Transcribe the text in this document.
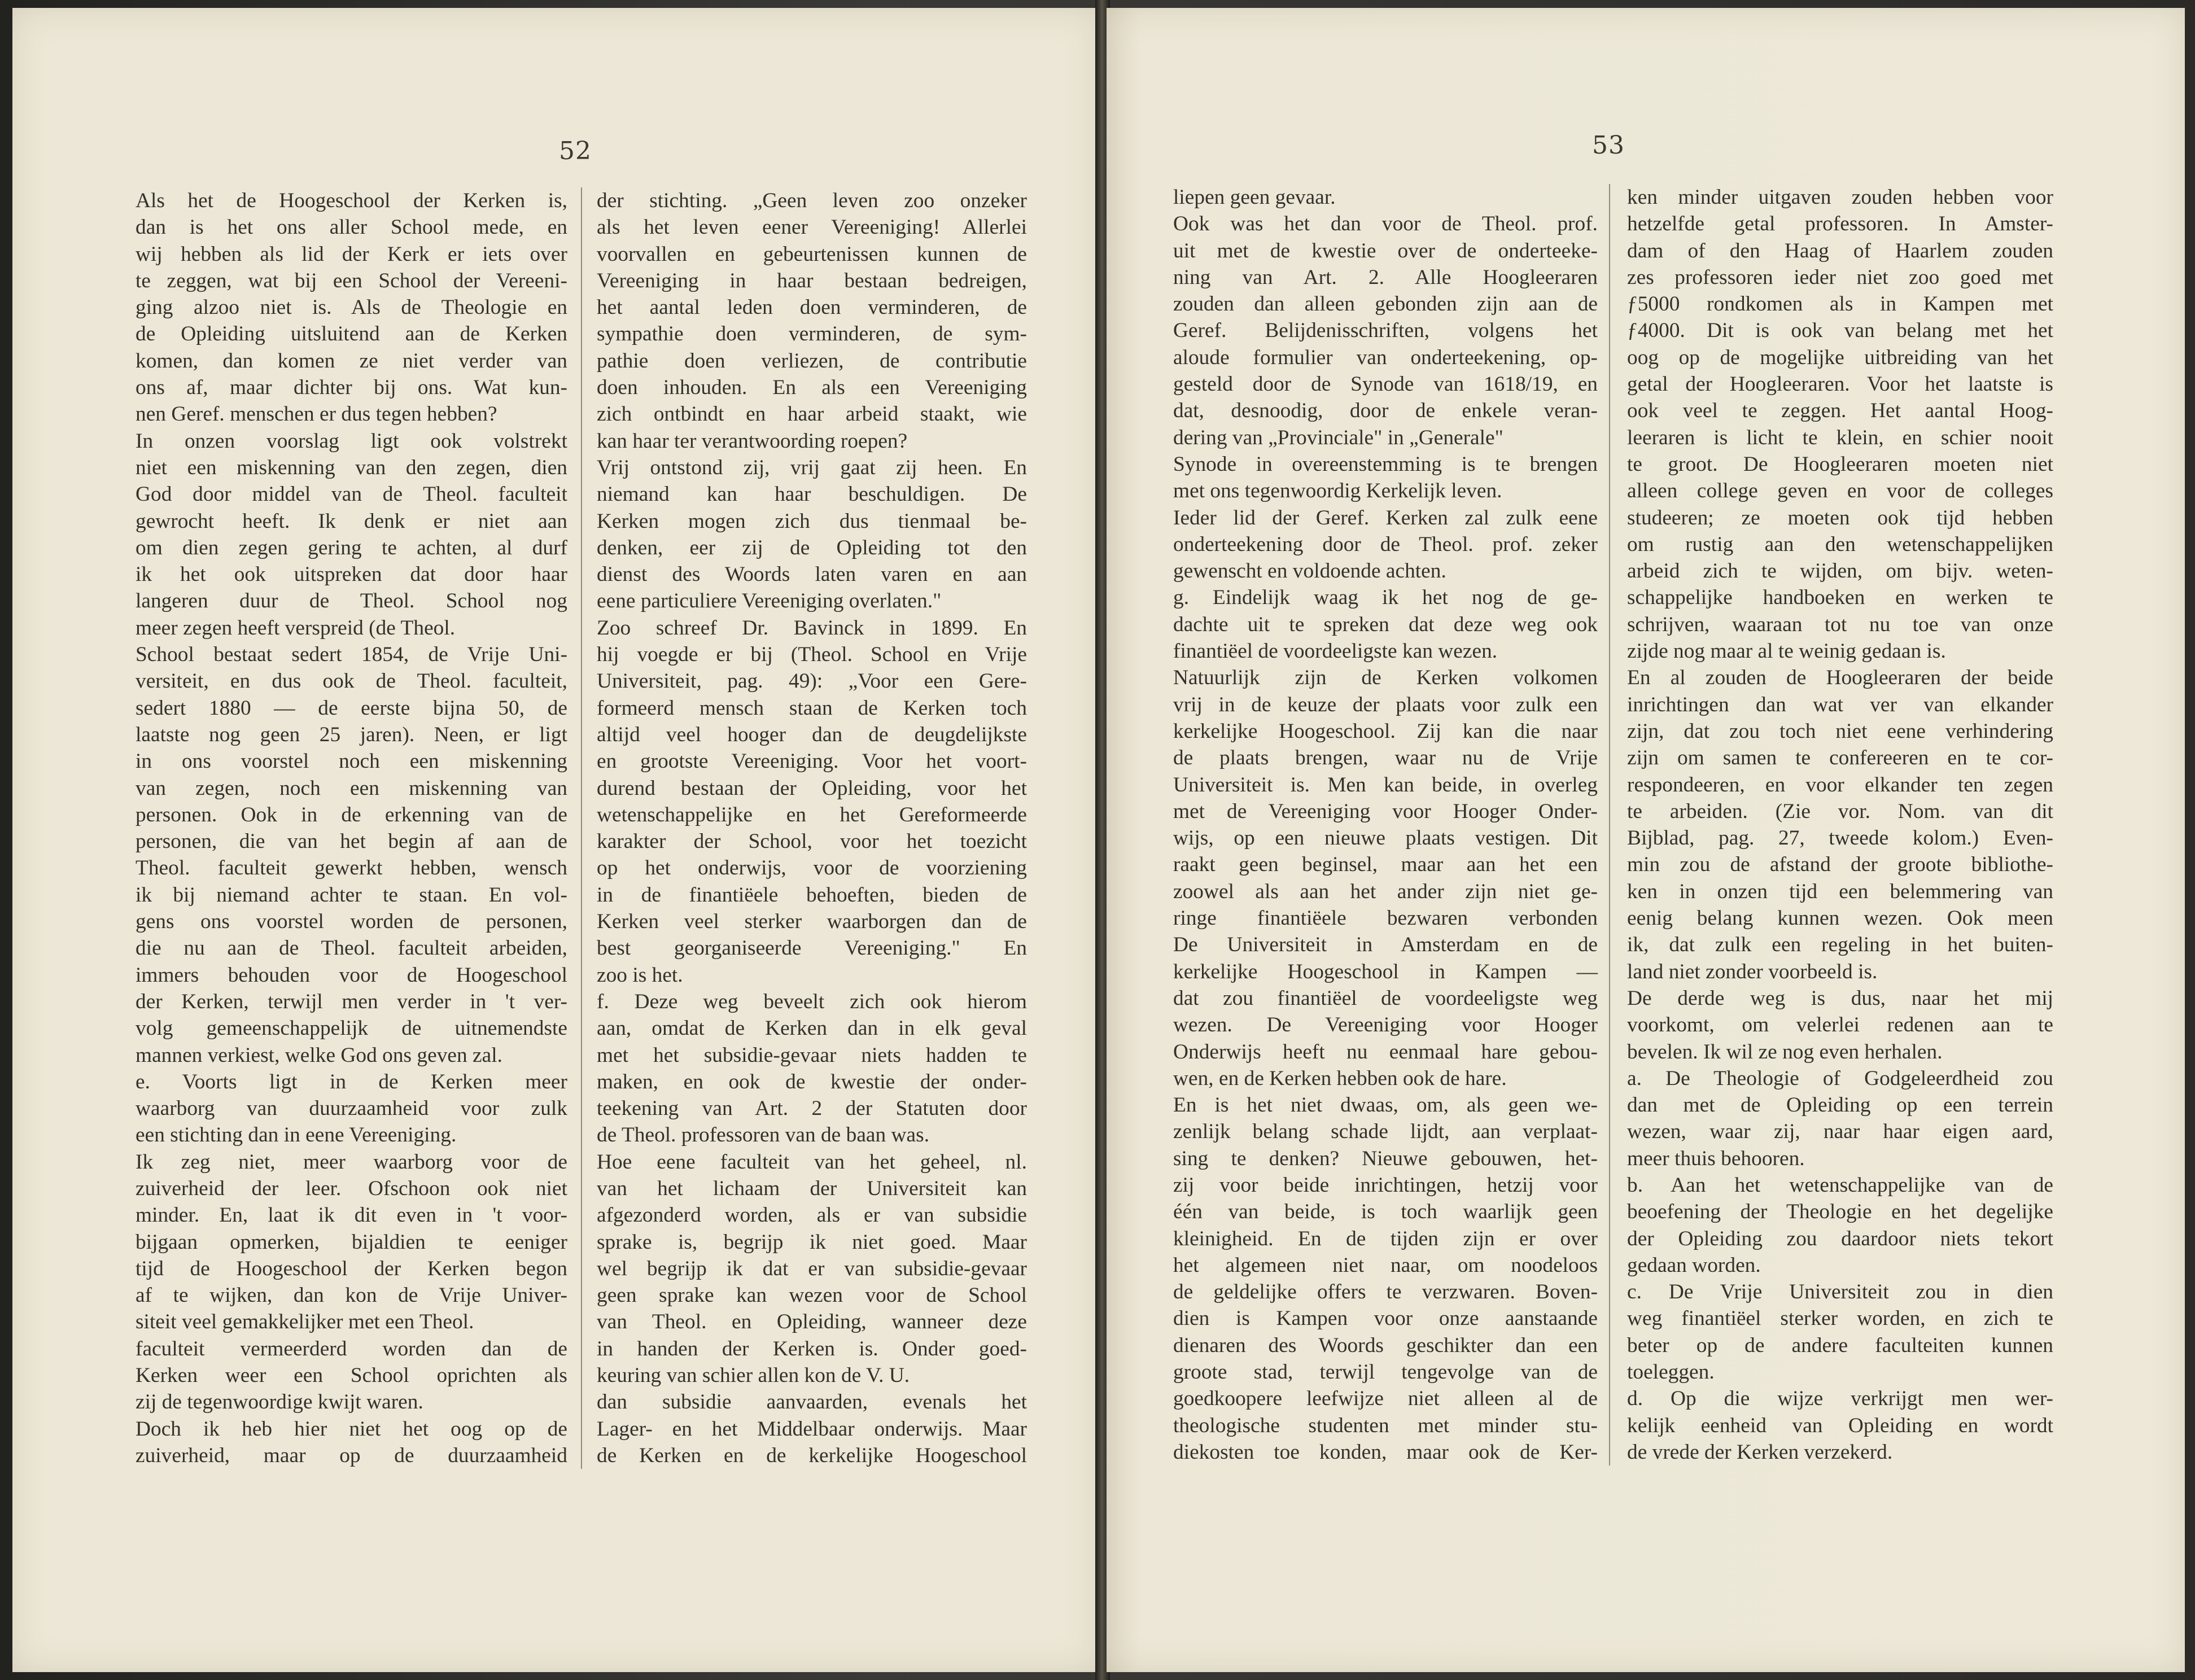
52
Als het de Hoogeschool der Kerken is,
dan is het ons aller School mede, en
wij hebben als lid der Kerk er iets over
te zeggen, wat bij een School der Vereeni-
ging alzoo niet is. Als de Theologie en
de Opleiding uitsluitend aan de Kerken
komen, dan komen ze niet verder van
ons af, maar dichter bij ons. Wat kun-
nen Geref. menschen er dus tegen hebben?
In onzen voorslag ligt ook volstrekt
niet een miskenning van den zegen, dien
God door middel van de Theol. faculteit
gewrocht heeft. Ik denk er niet aan
om dien zegen gering te achten, al durf
ik het ook uitspreken dat door haar
langeren duur de Theol. School nog
meer zegen heeft verspreid (de Theol.
School bestaat sedert 1854, de Vrije Uni-
versiteit, en dus ook de Theol. faculteit,
sedert 1880 — de eerste bijna 50, de
laatste nog geen 25 jaren). Neen, er ligt
in ons voorstel noch een miskenning
van zegen, noch een miskenning van
personen. Ook in de erkenning van de
personen, die van het begin af aan de
Theol. faculteit gewerkt hebben, wensch
ik bij niemand achter te staan. En vol-
gens ons voorstel worden de personen,
die nu aan de Theol. faculteit arbeiden,
immers behouden voor de Hoogeschool
der Kerken, terwijl men verder in 't ver-
volg gemeenschappelijk de uitnemendste
mannen verkiest, welke God ons geven zal.
e. Voorts ligt in de Kerken meer
waarborg van duurzaamheid voor zulk
een stichting dan in eene Vereeniging.
Ik zeg niet, meer waarborg voor de
zuiverheid der leer. Ofschoon ook niet
minder. En, laat ik dit even in 't voor-
bijgaan opmerken, bijaldien te eeniger
tijd de Hoogeschool der Kerken begon
af te wijken, dan kon de Vrije Univer-
siteit veel gemakkelijker met een Theol.
faculteit vermeerderd worden dan de
Kerken weer een School oprichten als
zij de tegenwoordige kwijt waren.
Doch ik heb hier niet het oog op de
zuiverheid, maar op de duurzaamheid
der stichting. „Geen leven zoo onzeker
als het leven eener Vereeniging! Allerlei
voorvallen en gebeurtenissen kunnen de
Vereeniging in haar bestaan bedreigen,
het aantal leden doen verminderen, de
sympathie doen verminderen, de sym-
pathie doen verliezen, de contributie
doen inhouden. En als een Vereeniging
zich ontbindt en haar arbeid staakt, wie
kan haar ter verantwoording roepen?
Vrij ontstond zij, vrij gaat zij heen. En
niemand kan haar beschuldigen. De
Kerken mogen zich dus tienmaal be-
denken, eer zij de Opleiding tot den
dienst des Woords laten varen en aan
eene particuliere Vereeniging overlaten."
Zoo schreef Dr. Bavinck in 1899. En
hij voegde er bij (Theol. School en Vrije
Universiteit, pag. 49): „Voor een Gere-
formeerd mensch staan de Kerken toch
altijd veel hooger dan de deugdelijkste
en grootste Vereeniging. Voor het voort-
durend bestaan der Opleiding, voor het
wetenschappelijke en het Gereformeerde
karakter der School, voor het toezicht
op het onderwijs, voor de voorziening
in de finantiëele behoeften, bieden de
Kerken veel sterker waarborgen dan de
best georganiseerde Vereeniging." En
zoo is het.
f. Deze weg beveelt zich ook hierom
aan, omdat de Kerken dan in elk geval
met het subsidie-gevaar niets hadden te
maken, en ook de kwestie der onder-
teekening van Art. 2 der Statuten door
de Theol. professoren van de baan was.
Hoe eene faculteit van het geheel, nl.
van het lichaam der Universiteit kan
afgezonderd worden, als er van subsidie
sprake is, begrijp ik niet goed. Maar
wel begrijp ik dat er van subsidie-gevaar
geen sprake kan wezen voor de School
van Theol. en Opleiding, wanneer deze
in handen der Kerken is. Onder goed-
keuring van schier allen kon de V. U.
dan subsidie aanvaarden, evenals het
Lager- en het Middelbaar onderwijs. Maar
de Kerken en de kerkelijke Hoogeschool
53
liepen geen gevaar.
Ook was het dan voor de Theol. prof.
uit met de kwestie over de onderteeke-
ning van Art. 2. Alle Hoogleeraren
zouden dan alleen gebonden zijn aan de
Geref. Belijdenisschriften, volgens het
aloude formulier van onderteekening, op-
gesteld door de Synode van 1618/19, en
dat, desnoodig, door de enkele veran-
dering van „Provinciale" in „Generale"
Synode in overeenstemming is te brengen
met ons tegenwoordig Kerkelijk leven.
Ieder lid der Geref. Kerken zal zulk eene
onderteekening door de Theol. prof. zeker
gewenscht en voldoende achten.
g. Eindelijk waag ik het nog de ge-
dachte uit te spreken dat deze weg ook
finantiëel de voordeeligste kan wezen.
Natuurlijk zijn de Kerken volkomen
vrij in de keuze der plaats voor zulk een
kerkelijke Hoogeschool. Zij kan die naar
de plaats brengen, waar nu de Vrije
Universiteit is. Men kan beide, in overleg
met de Vereeniging voor Hooger Onder-
wijs, op een nieuwe plaats vestigen. Dit
raakt geen beginsel, maar aan het een
zoowel als aan het ander zijn niet ge-
ringe finantiëele bezwaren verbonden
De Universiteit in Amsterdam en de
kerkelijke Hoogeschool in Kampen —
dat zou finantiëel de voordeeligste weg
wezen. De Vereeniging voor Hooger
Onderwijs heeft nu eenmaal hare gebou-
wen, en de Kerken hebben ook de hare.
En is het niet dwaas, om, als geen we-
zenlijk belang schade lijdt, aan verplaat-
sing te denken? Nieuwe gebouwen, het-
zij voor beide inrichtingen, hetzij voor
één van beide, is toch waarlijk geen
kleinigheid. En de tijden zijn er over
het algemeen niet naar, om noodeloos
de geldelijke offers te verzwaren. Boven-
dien is Kampen voor onze aanstaande
dienaren des Woords geschikter dan een
groote stad, terwijl tengevolge van de
goedkoopere leefwijze niet alleen al de
theologische studenten met minder stu-
diekosten toe konden, maar ook de Ker-
ken minder uitgaven zouden hebben voor
hetzelfde getal professoren. In Amster-
dam of den Haag of Haarlem zouden
zes professoren ieder niet zoo goed met
ƒ5000 rondkomen als in Kampen met
ƒ4000. Dit is ook van belang met het
oog op de mogelijke uitbreiding van het
getal der Hoogleeraren. Voor het laatste is
ook veel te zeggen. Het aantal Hoog-
leeraren is licht te klein, en schier nooit
te groot. De Hoogleeraren moeten niet
alleen college geven en voor de colleges
studeeren; ze moeten ook tijd hebben
om rustig aan den wetenschappelijken
arbeid zich te wijden, om bijv. weten-
schappelijke handboeken en werken te
schrijven, waaraan tot nu toe van onze
zijde nog maar al te weinig gedaan is.
En al zouden de Hoogleeraren der beide
inrichtingen dan wat ver van elkander
zijn, dat zou toch niet eene verhindering
zijn om samen te confereeren en te cor-
respondeeren, en voor elkander ten zegen
te arbeiden. (Zie vor. Nom. van dit
Bijblad, pag. 27, tweede kolom.) Even-
min zou de afstand der groote bibliothe-
ken in onzen tijd een belemmering van
eenig belang kunnen wezen. Ook meen
ik, dat zulk een regeling in het buiten-
land niet zonder voorbeeld is.
De derde weg is dus, naar het mij
voorkomt, om velerlei redenen aan te
bevelen. Ik wil ze nog even herhalen.
a. De Theologie of Godgeleerdheid zou
dan met de Opleiding op een terrein
wezen, waar zij, naar haar eigen aard,
meer thuis behooren.
b. Aan het wetenschappelijke van de
beoefening der Theologie en het degelijke
der Opleiding zou daardoor niets tekort
gedaan worden.
c. De Vrije Universiteit zou in dien
weg finantiëel sterker worden, en zich te
beter op de andere faculteiten kunnen
toeleggen.
d. Op die wijze verkrijgt men wer-
kelijk eenheid van Opleiding en wordt
de vrede der Kerken verzekerd.
